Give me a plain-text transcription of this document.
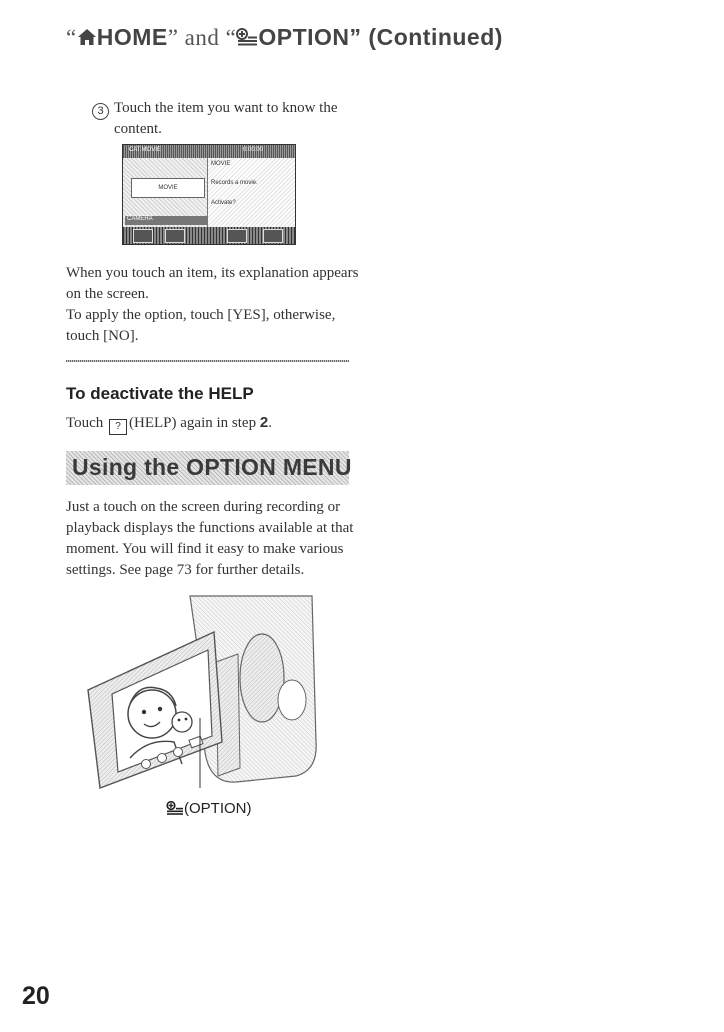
“ HOME” and “ OPTION” (Continued)
3 Touch the item you want to know the content.
CAT.MOVIE	0:00:00
MOVIE
MOVIE
Records a movie.
Activate?
CAMERA
When you touch an item, its explanation appears on the screen.
To apply the option, touch [YES], otherwise, touch [NO].
To deactivate the HELP
Touch ? (HELP) again in step 2.
Using the OPTION MENU
Just a touch on the screen during recording or playback displays the functions available at that moment. You will find it easy to make various settings. See page 73 for further details.
(OPTION)
20
